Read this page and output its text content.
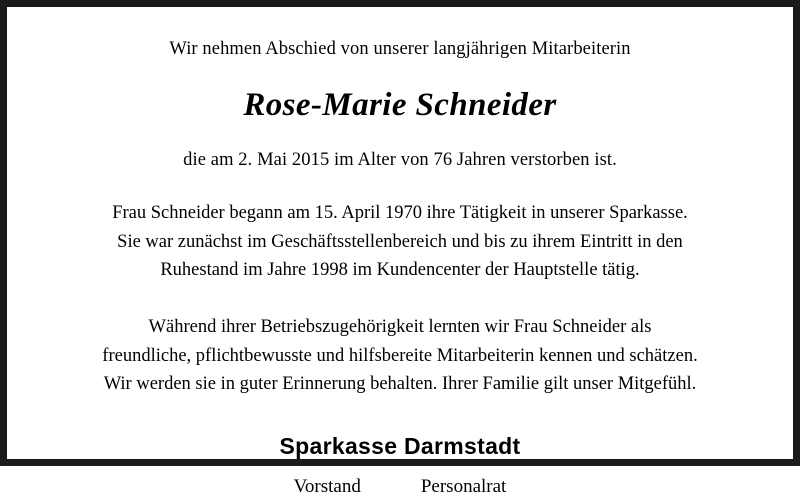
Wir nehmen Abschied von unserer langjährigen Mitarbeiterin
Rose-Marie Schneider
die am 2. Mai 2015 im Alter von 76 Jahren verstorben ist.
Frau Schneider begann am 15. April 1970 ihre Tätigkeit in unserer Sparkasse.
Sie war zunächst im Geschäftsstellenbereich und bis zu ihrem Eintritt in den
Ruhestand im Jahre 1998 im Kundencenter der Hauptstelle tätig.
Während ihrer Betriebszugehörigkeit lernten wir Frau Schneider als
freundliche, pflichtbewusste und hilfsbereite Mitarbeiterin kennen und schätzen.
Wir werden sie in guter Erinnerung behalten. Ihrer Familie gilt unser Mitgefühl.
Sparkasse Darmstadt
Vorstand	Personalrat
